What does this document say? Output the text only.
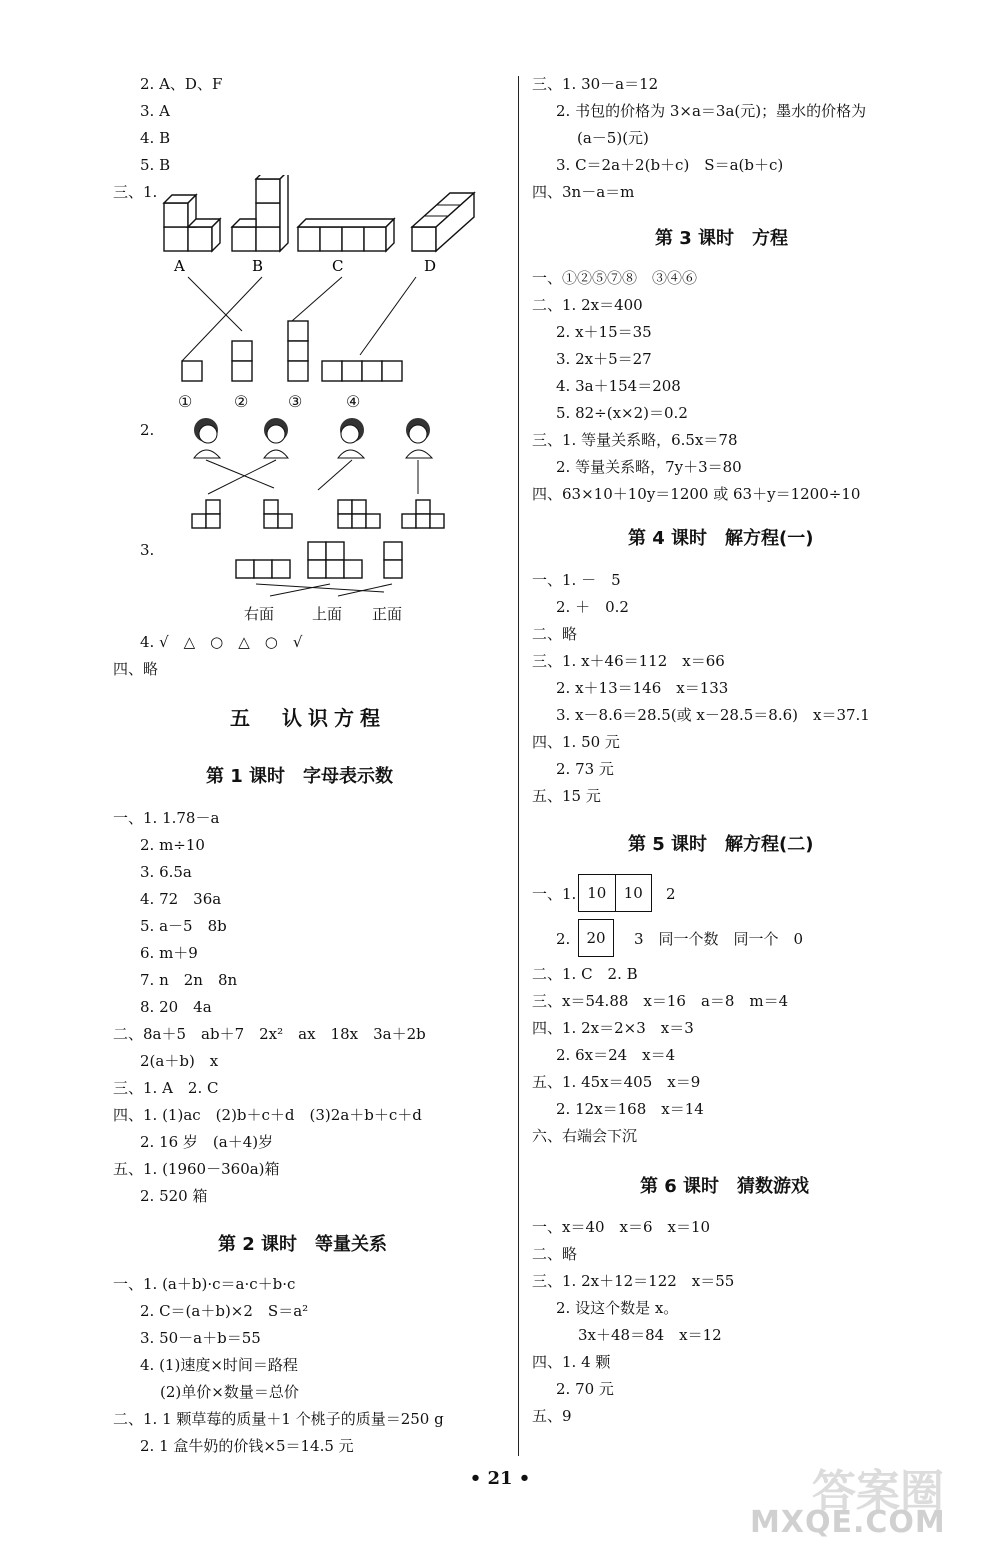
2. A、D、F
3. A
4. B
5. B
三、1.
A	B	C	D
①	② ③	④
2.
3.
右面	上面 正面
4. √　△　○　△　○　√
四、略
五　认识方程
第 1 课时　字母表示数
一、1. 1.78－a
2. m÷10
3. 6.5a
4. 72　36a
5. a－5　8b
6. m＋9
7. n　2n　8n
8. 20　4a
二、8a＋5　ab＋7　2x²　ax　18x　3a＋2b
2(a＋b)　x
三、1. A　2. C
四、1. (1)ac　(2)b＋c＋d　(3)2a＋b＋c＋d
2. 16 岁　(a＋4)岁
五、1. (1960－360a)箱
2. 520 箱
第 2 课时　等量关系
一、1. (a＋b)·c＝a·c＋b·c
2. C＝(a＋b)×2　S＝a²
3. 50－a＋b＝55
4. (1)速度×时间＝路程
(2)单价×数量＝总价
二、1. 1 颗草莓的质量＋1 个桃子的质量＝250 g
2. 1 盒牛奶的价钱×5＝14.5 元
三、1. 30－a＝12
2. 书包的价格为 3×a＝3a(元)；墨水的价格为
(a－5)(元)
3. C＝2a＋2(b＋c)　S＝a(b＋c)
四、3n－a＝m
第 3 课时　方程
一、①②⑤⑦⑧　③④⑥
二、1. 2x＝400
2. x＋15＝35
3. 2x＋5＝27
4. 3a＋154＝208
5. 82÷(x×2)＝0.2
三、1. 等量关系略，6.5x＝78
2. 等量关系略，7y＋3＝80
四、63×10＋10y＝1200 或 63＋y＝1200÷10
第 4 课时　解方程(一)
一、1. －　5
2. ＋　0.2
二、略
三、1. x＋46＝112　x＝66
2. x＋13＝146　x＝133
3. x－8.6＝28.5(或 x－28.5＝8.6)　x＝37.1
四、1. 50 元
2. 73 元
五、15 元
第 5 课时　解方程(二)
一、1. 10	10	2
2.	20	3　同一个数　同一个　0
二、1. C　2. B
三、x＝54.88　x＝16　a＝8　m＝4
四、1. 2x＝2×3　x＝3
2. 6x＝24　x＝4
五、1. 45x＝405　x＝9
2. 12x＝168　x＝14
六、右端会下沉
第 6 课时　猜数游戏
一、x＝40　x＝6　x＝10
二、略
三、1. 2x＋12＝122　x＝55
2. 设这个数是 x。
3x＋48＝84　x＝12
四、1. 4 颗
2. 70 元
五、9
• 21 •	答案圈
MXQE.COM
